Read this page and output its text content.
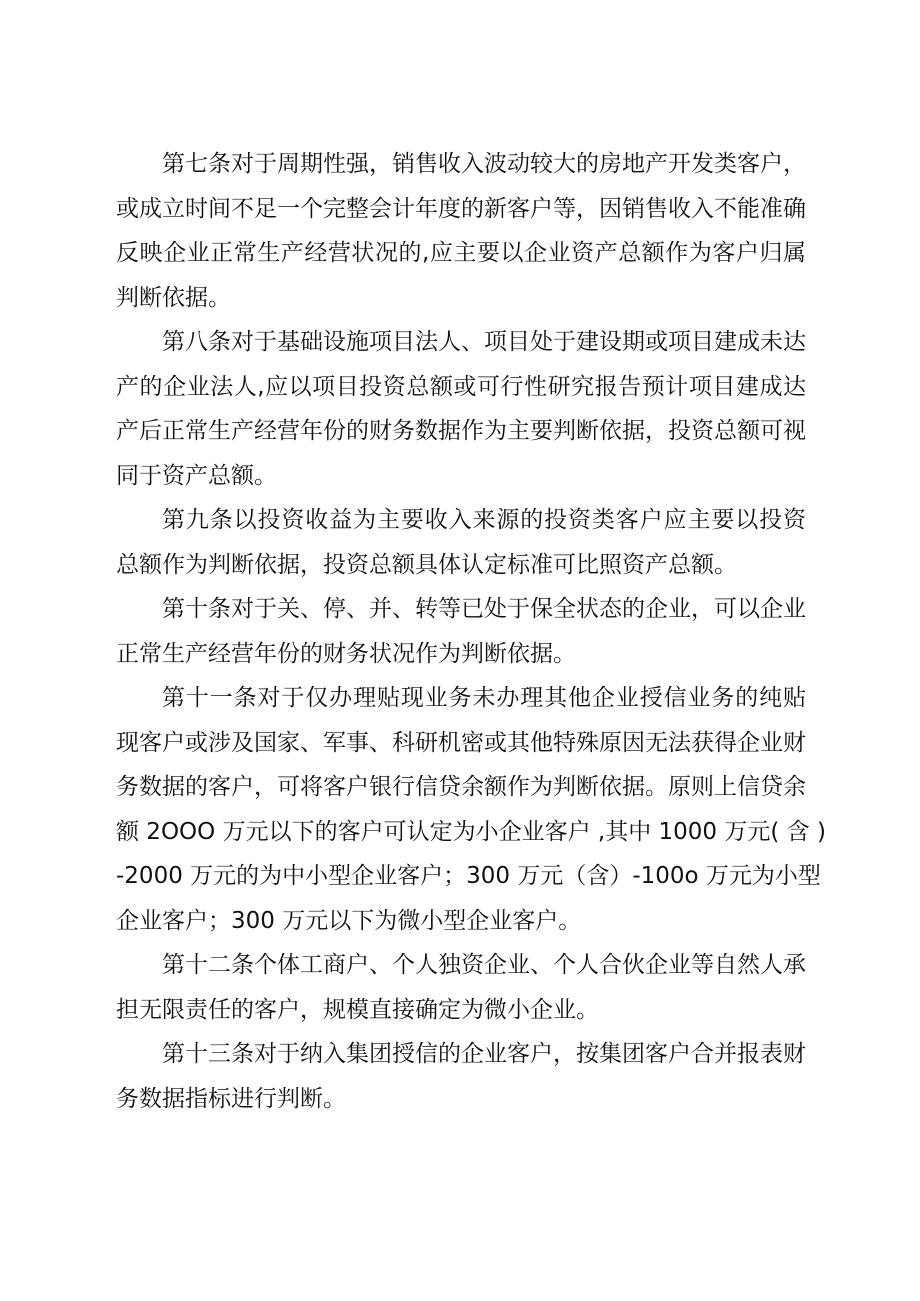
第七条对于周期性强，销售收入波动较大的房地产开发类客户，
或成立时间不足一个完整会计年度的新客户等，因销售收入不能准确
反映企业正常生产经营状况的,应主要以企业资产总额作为客户归属
判断依据。

第八条对于基础设施项目法人、项目处于建设期或项目建成未达
产的企业法人,应以项目投资总额或可行性研究报告预计项目建成达
产后正常生产经营年份的财务数据作为主要判断依据，投资总额可视
同于资产总额。

第九条以投资收益为主要收入来源的投资类客户应主要以投资
总额作为判断依据，投资总额具体认定标准可比照资产总额。

第十条对于关、停、并、转等已处于保全状态的企业，可以企业
正常生产经营年份的财务状况作为判断依据。

第十一条对于仅办理贴现业务未办理其他企业授信业务的纯贴
现客户或涉及国家、军事、科研机密或其他特殊原因无法获得企业财
务数据的客户，可将客户银行信贷余额作为判断依据。原则上信贷余
额 2OOO 万元以下的客户可认定为小企业客户 ,其中 1000 万元( 含 )
-2000 万元的为中小型企业客户；300 万元（含）-100o 万元为小型
企业客户；300 万元以下为微小型企业客户。

第十二条个体工商户、个人独资企业、个人合伙企业等自然人承
担无限责任的客户，规模直接确定为微小企业。

第十三条对于纳入集团授信的企业客户，按集团客户合并报表财
务数据指标进行判断。
